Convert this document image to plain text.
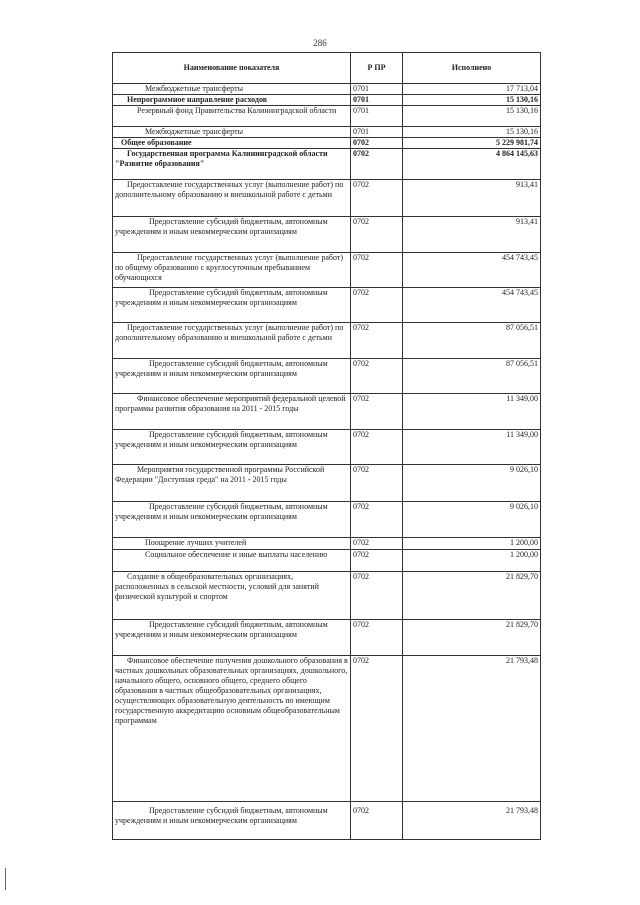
286
Наименование показателя	Р ПР	Исполнено
Межбюджетные трансферты	0701	17 713,04
Непрограммное направление расходов	0701	15 130,16
Резервный фонд Правительства Калининградской области	0701	15 130,16
Межбюджетные трансферты	0701	15 130,16
Общее образование	0702	5 229 981,74
Государственная программа Калининградской области "Развитие образования"	0702	4 864 145,63
Предоставление государственных услуг (выполнение работ) по дополнительному образованию и внешкольной работе с детьми	0702	913,41
Предоставление субсидий бюджетным, автономным учреждениям и иным некоммерческим организациям	0702	913,41
Предоставление государственных услуг (выполнение работ) по общему образованию с круглосуточным пребыванием обучающихся	0702	454 743,45
Предоставление субсидий бюджетным, автономным учреждениям и иным некоммерческим организациям	0702	454 743,45
Предоставление государственных услуг (выполнение работ) по дополнительному образованию и внешкольной работе с детьми	0702	87 056,51
Предоставление субсидий бюджетным, автономным учреждениям и иным некоммерческим организациям	0702	87 056,51
Финансовое обеспечение мероприятий федеральной целевой программы развития образования на 2011 - 2015 годы	0702	11 349,00
Предоставление субсидий бюджетным, автономным учреждениям и иным некоммерческим организациям	0702	11 349,00
Мероприятия государственной программы Российской Федерации "Доступная среда" на 2011 - 2015 годы	0702	9 026,10
Предоставление субсидий бюджетным, автономным учреждениям и иным некоммерческим организациям	0702	9 026,10
Поощрение лучших учителей	0702	1 200,00
Социальное обеспечение и иные выплаты населению	0702	1 200,00
Создание в общеобразовательных организациях, расположенных в сельской местности, условий для занятий физической культурой и спортом	0702	21 829,70
Предоставление субсидий бюджетным, автономным учреждениям и иным некоммерческим организациям	0702	21 829,70
Финансовое обеспечение получения дошкольного образования в частных дошкольных образовательных организациях, дошкольного, начального общего, основного общего, среднего общего образования в частных общеобразовательных организациях, осуществляющих образовательную деятельность по имеющим государственную аккредитацию основным общеобразовательным программам	0702	21 793,48
Предоставление субсидий бюджетным, автономным учреждениям и иным некоммерческим организациям	0702	21 793,48
